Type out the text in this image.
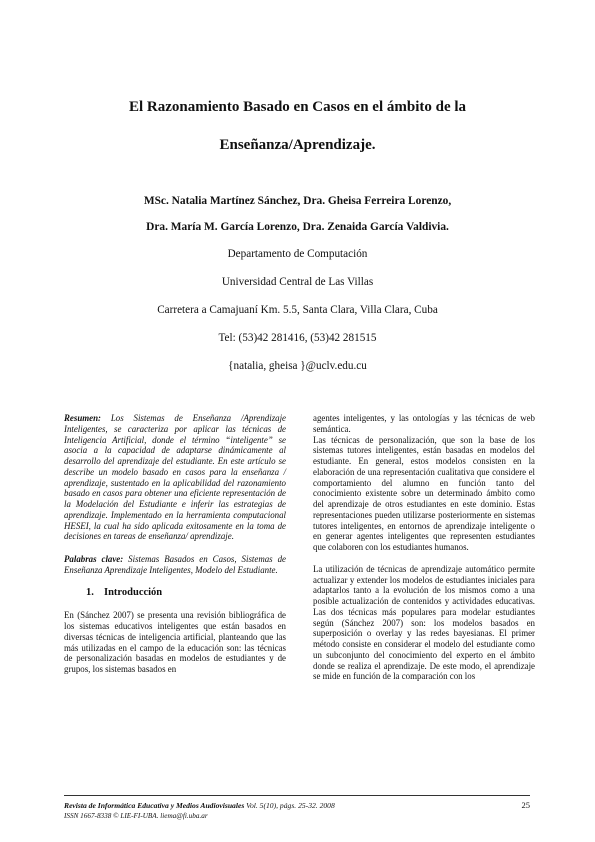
El Razonamiento Basado en Casos en el ámbito de la
Enseñanza/Aprendizaje.
MSc. Natalia Martínez Sánchez, Dra. Gheisa Ferreira Lorenzo,
Dra. María M. García Lorenzo, Dra. Zenaida García Valdivia.
Departamento de Computación
Universidad Central de Las Villas
Carretera a Camajuaní Km. 5.5, Santa Clara, Villa Clara, Cuba
Tel: (53)42 281416, (53)42 281515
{natalia, gheisa }@uclv.edu.cu

Resumen: Los Sistemas de Enseñanza /Aprendizaje Inteligentes, se caracteriza por aplicar las técnicas de Inteligencia Artificial, donde el término “inteligente” se asocia a la capacidad de adaptarse dinámicamente al desarrollo del aprendizaje del estudiante. En este artículo se describe un modelo basado en casos para la enseñanza / aprendizaje, sustentado en la aplicabilidad del razonamiento basado en casos para obtener una eficiente representación de la Modelación del Estudiante e inferir las estrategias de aprendizaje. Implementado en la herramienta computacional HESEI, la cual ha sido aplicada exitosamente en la toma de decisiones en tareas de enseñanza/ aprendizaje.

Palabras clave: Sistemas Basados en Casos, Sistemas de Enseñanza Aprendizaje Inteligentes, Modelo del Estudiante.

1. Introducción

En (Sánchez 2007) se presenta una revisión bibliográfica de los sistemas educativos inteligentes que están basados en diversas técnicas de inteligencia artificial, planteando que las más utilizadas en el campo de la educación son: las técnicas de personalización basadas en modelos de estudiantes y de grupos, los sistemas basados en

agentes inteligentes, y las ontologías y las técnicas de web semántica.

Las técnicas de personalización, que son la base de los sistemas tutores inteligentes, están basadas en modelos del estudiante. En general, estos modelos consisten en la elaboración de una representación cualitativa que considere el comportamiento del alumno en función tanto del conocimiento existente sobre un determinado ámbito como del aprendizaje de otros estudiantes en este dominio. Estas representaciones pueden utilizarse posteriormente en sistemas tutores inteligentes, en entornos de aprendizaje inteligente o en generar agentes inteligentes que representen estudiantes que colaboren con los estudiantes humanos.

La utilización de técnicas de aprendizaje automático permite actualizar y extender los modelos de estudiantes iniciales para adaptarlos tanto a la evolución de los mismos como a una posible actualización de contenidos y actividades educativas. Las dos técnicas más populares para modelar estudiantes según (Sánchez 2007) son: los modelos basados en superposición o overlay y las redes bayesianas. El primer método consiste en considerar el modelo del estudiante como un subconjunto del conocimiento del experto en el ámbito donde se realiza el aprendizaje. De este modo, el aprendizaje se mide en función de la comparación con los

Revista de Informática Educativa y Medios Audiovisuales Vol. 5(10), págs. 25-32. 2008	25
ISSN 1667-8338 © LIE-FI-UBA. liema@fi.uba.ar
